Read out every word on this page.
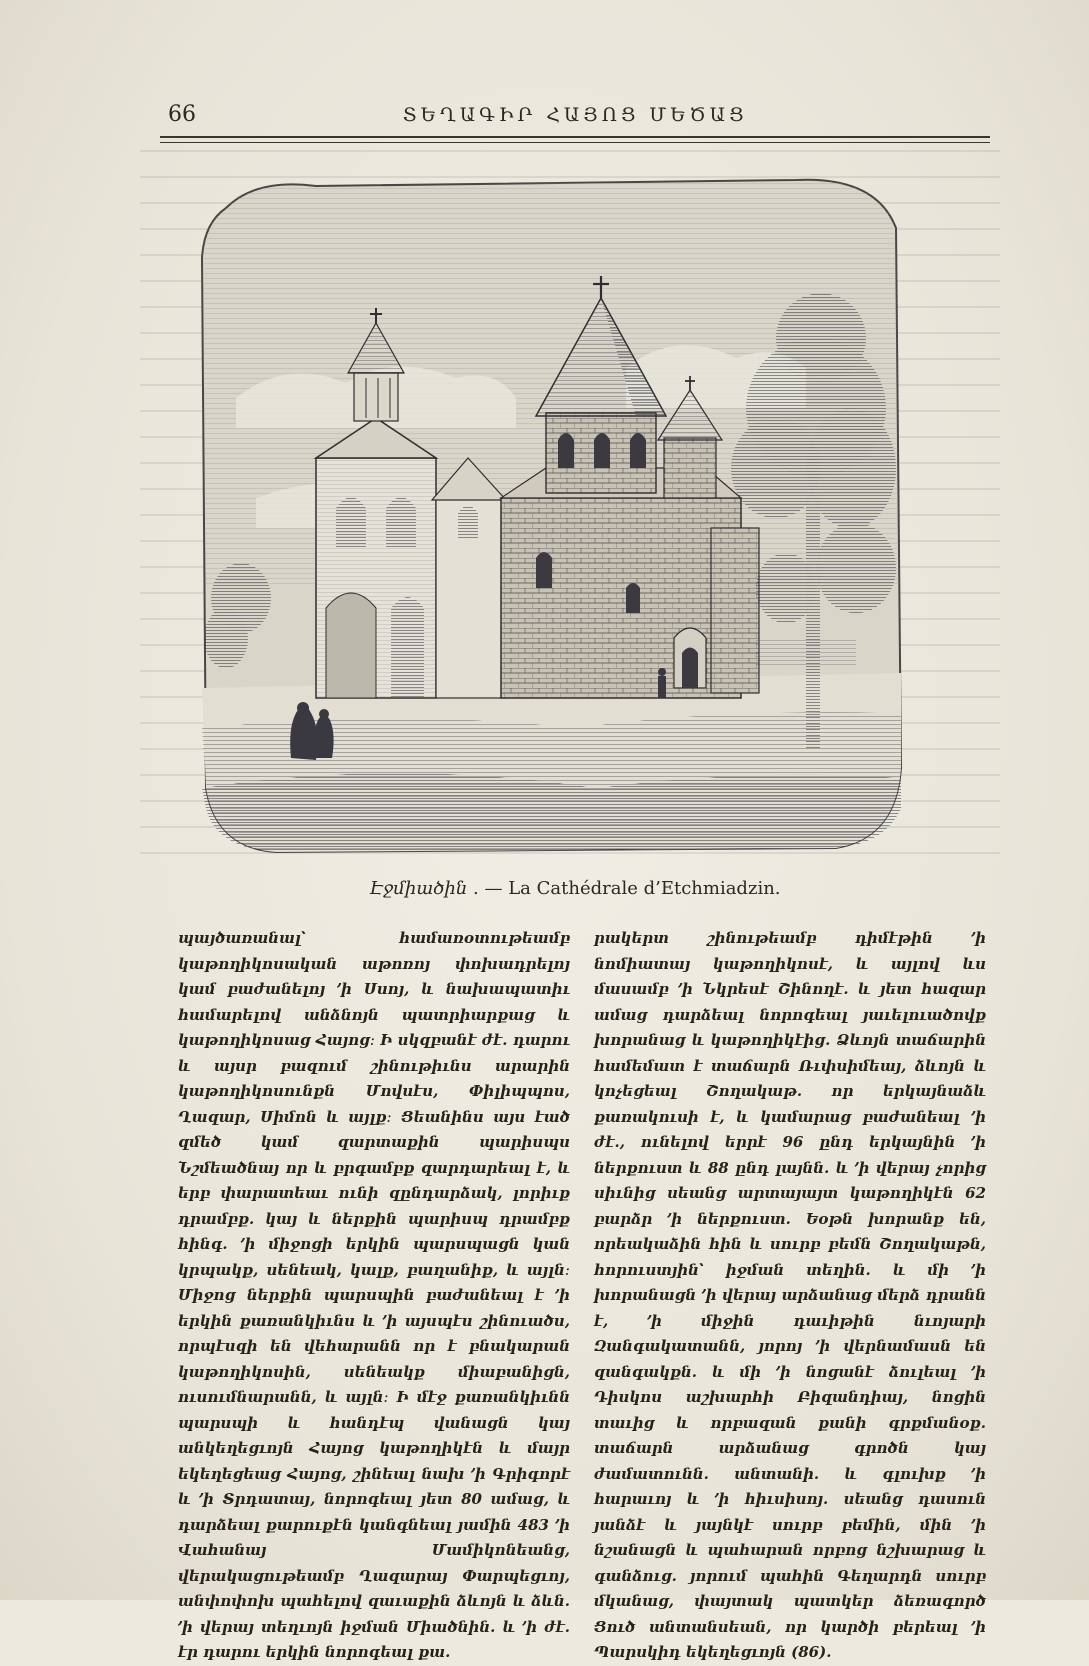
66	ՏԵՂԱԳԻՐ ՀԱՅՈՑ ՄԵԾԱՑ
Էջմիածին . — La Cathédrale d’Etchmiadzin.

պայծառանալ՝ համառօտութեամբ կաթողիկոսական աթոռոյ փոխադրելոյ կամ բաժանելոյ ՚ի Սսոյ, և նախապատիւ համարելով անձնոյն պատրիարքաց և կաթողիկոսաց Հայոց։ Ի սկզբանէ ժէ. դարու և այսր բազում շինութիւնս արարին կաթողիկոսունքն Մովսէս, Փիլիպպոս, Ղազար, Սիմոն և այլք։ Ցեանինս այս էած զմեծ կամ զարտաքին պարիսպս Նշմեածնայ որ և բրգամբք զարդարեալ է, և երբ փարատեաւ ունի զընդարձակ, լորիւք դրամբք. կայ և ներքին պարիսպ դրամբք հինգ. ՚ի միջոցի երկին պարսպացն կան կրպակք, սենեակ, կալք, բաղանիք, և այլն։ Միջոց ներքին պարսպին բաժանեալ է ՚ի երկին քառանկիւնս և ՚ի այսպէս շինուածս, որպէսզի են վեհարանն որ է բնակարան կաթողիկոսին, սենեակք միաբանիցն, ուսումնարանն, և այլն։ Ի մէջ քառանկիւնն պարսպի և հանդէպ վանացն կայ անկեղեցւոյն Հայոց կաթողիկէն և մայր եկեղեցեաց Հայոց, շինեալ նախ ՚ի Գրիգորէ և ՚ի Տրդատայ, նորոգեալ յետ 80 ամաց, և դարձեալ քարուքէն կանգնեալ յամին 483 ՚ի Վահանայ Մամիկոնեանց, վերակացութեամբ Ղազարայ Փարպեցւոյ, անփոփոխ պահելով զաւաքին ձևոյն և ձևն. ՚ի վերայ տեղւոյն իջման Միածնին. և ՚ի ժէ. էր դարու երկին նորոգեալ քա.

րակերտ շինութեամբ դիմէթին ՚ի նոմիատայ կաթողիկոսէ, և այլով ևս մասամբ ՚ի Նկրեսէ Շինողէ. և յետ հազար ամաց դարձեալ նորոգեալ յաւելուածովք խորանաց և կաթողիկէից. Ձևոյն տաճարին համեմատ է տաճարն Ռւփսիմեայ, ձևոյն և կոչեցեալ Շողակաթ. որ երկայնաձև քառակուսի է, և կամարաց բաժանեալ ՚ի ժէ., ունելով երրէ 96 ընդ երկայնին ՚ի ներքուստ և 88 ընդ լայնն. և ՚ի վերայ չորից սիւնից սեանց արտայայտ կաթողիկէն 62 բարձր ՚ի ներքուստ. Եօթն խորանք են, որեակաձին հին և սուրբ բեմն Շողակաթն, հորուստյին՝ իջման տեղին. և մի ՚ի խորանացն ՚ի վերայ արձանաց մերձ դրանն է, ՚ի միջին դաւիթին նւոյարի Զանգակատանն, յորոյ ՚ի վերնամասն են զանգակքն. և մի ՚ի նոցանէ ձուլեալ ՚ի Դիսկոս աշխարհի Բիզանդիայ, նոցին տաւից և որբազան քանի գրքմանօք. տաճարն արձանաց գրոծն կայ ժամատունն. անտանի. և գլուխք ՚ի հարաւոյ և ՚ի հիւսիսոյ. սեանց դասուն յանձէ և յայնկէ սուրբ բեմին, մին ՚ի նշանացն և պահարան որբոց նշխարաց և գանձուց. յորում պահին Գեղարդն սուրբ մկանաց, փայտակ պատկեր ձեռագործ Ցուծ անտանսեան, որ կարծի բերեալ ՚ի Պարսկիդ եկեղեցւոյն (86).
